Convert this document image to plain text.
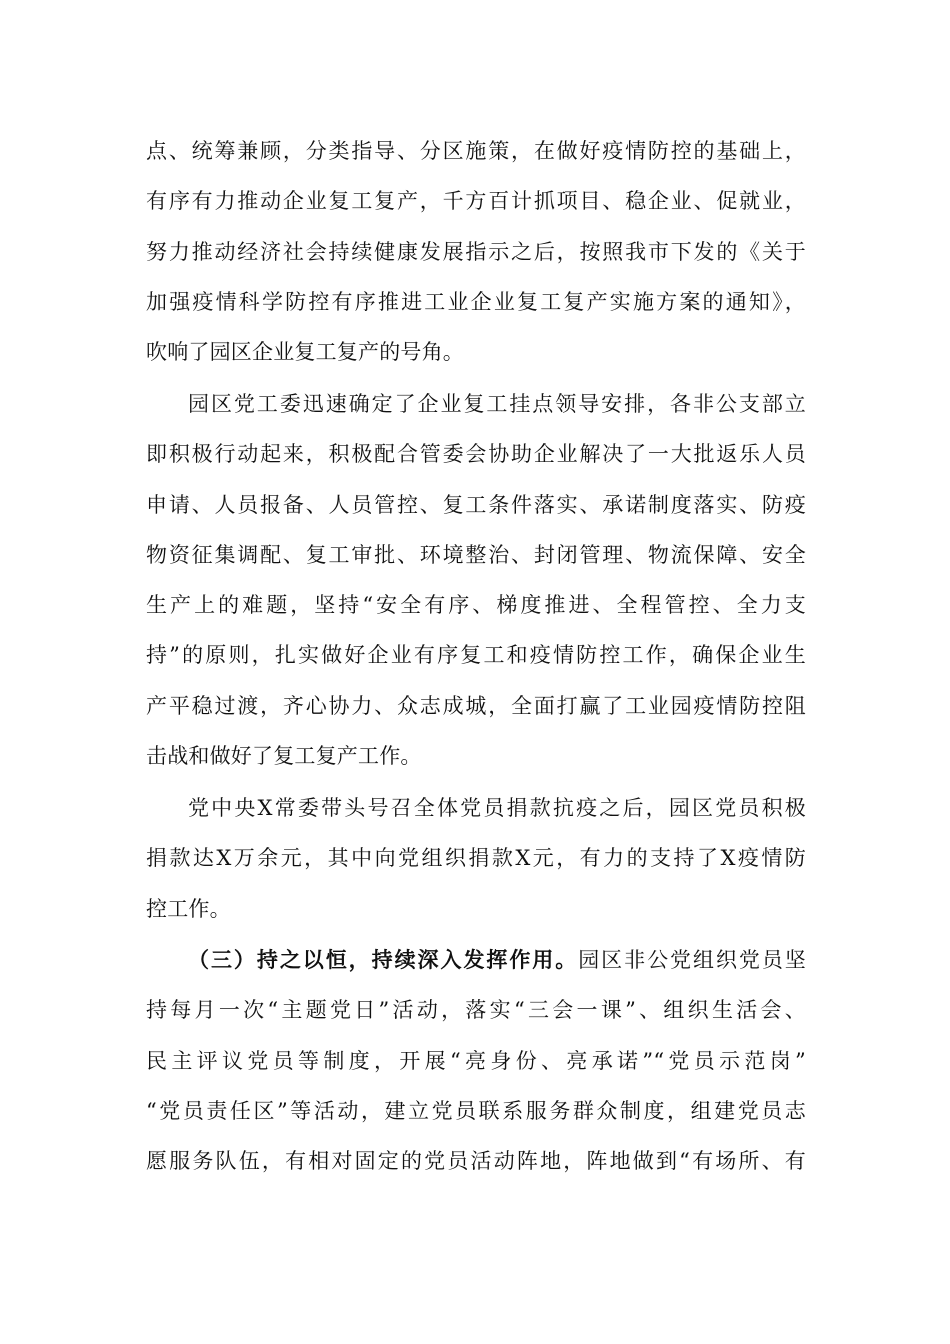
点、统筹兼顾，分类指导、分区施策，在做好疫情防控的基础上，
有序有力推动企业复工复产，千方百计抓项目、稳企业、促就业，
努力推动经济社会持续健康发展指示之后，按照我市下发的《关于
加强疫情科学防控有序推进工业企业复工复产实施方案的通知》，
吹响了园区企业复工复产的号角。
园区党工委迅速确定了企业复工挂点领导安排，各非公支部立
即积极行动起来，积极配合管委会协助企业解决了一大批返乐人员
申请、人员报备、人员管控、复工条件落实、承诺制度落实、防疫
物资征集调配、复工审批、环境整治、封闭管理、物流保障、安全
生产上的难题，坚持“安全有序、梯度推进、全程管控、全力支
持”的原则，扎实做好企业有序复工和疫情防控工作，确保企业生
产平稳过渡，齐心协力、众志成城，全面打赢了工业园疫情防控阻
击战和做好了复工复产工作。
党中央X常委带头号召全体党员捐款抗疫之后，园区党员积极
捐款达X万余元，其中向党组织捐款X元，有力的支持了X疫情防
控工作。
（三）持之以恒，持续深入发挥作用。园区非公党组织党员坚
持每月一次“主题党日”活动，落实“三会一课”、组织生活会、
民主评议党员等制度，开展“亮身份、亮承诺”“党员示范岗”
“党员责任区”等活动，建立党员联系服务群众制度，组建党员志
愿服务队伍，有相对固定的党员活动阵地，阵地做到“有场所、有
